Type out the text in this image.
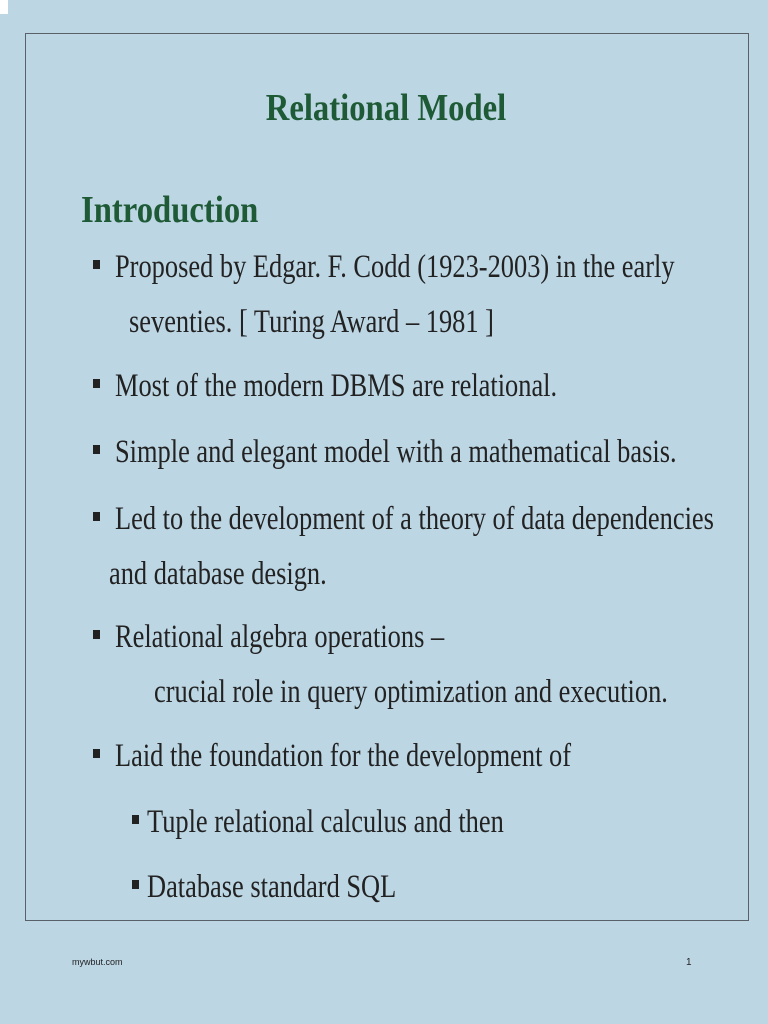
Relational Model
Introduction
Proposed by Edgar. F. Codd (1923-2003) in the early
seventies. [ Turing Award – 1981 ]
Most of the modern DBMS are relational.
Simple and elegant model with a mathematical basis.
Led to the development of a theory of data dependencies
and database design.
Relational algebra operations –
crucial role in query optimization and execution.
Laid the foundation for the development of
Tuple relational calculus and then
Database standard SQL
mywbut.com	1
